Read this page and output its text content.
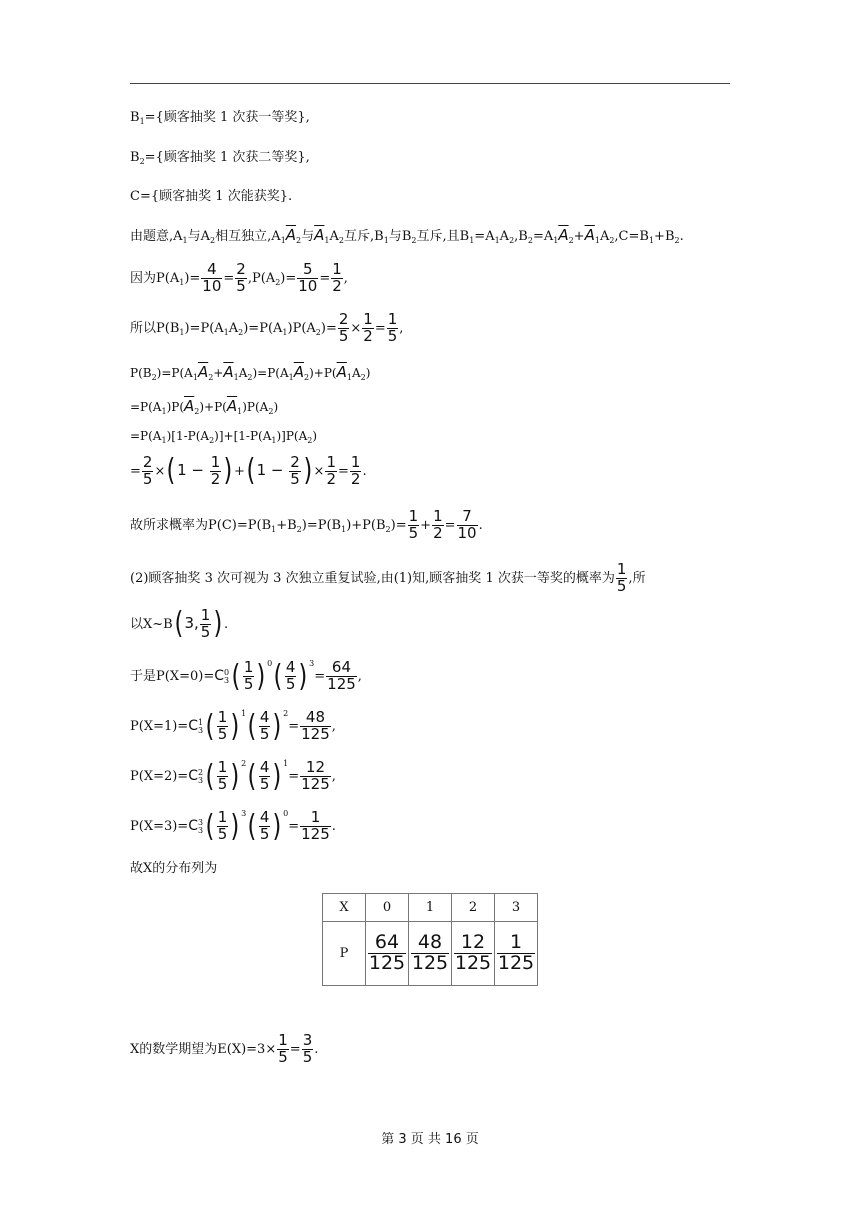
$B_1=${顾客抽奖 1 次获一等奖},
$B_2=${顾客抽奖 1 次获二等奖},
C={顾客抽奖 1 次能获奖}.
由题意$,A_1$与$A_2$相互独立$,A_1\overline{A}_2$与$\overline{A}_1A_2$互斥$,B_1$与$B_2$互斥,且$B_1=A_1A_2,B_2=A_1\overline{A}_2+\overline{A}_1A_2,C=B_1+B_2$.
因为$P(A_1)= \frac{4}{10} = \frac{2}{5} ,P(A_2)= \frac{5}{10} = \frac{1}{2}$ ,
所以$P(B_1)=P(A_1A_2)=P(A_1)P(A_2)= \frac{2}{5} \times \frac{1}{2} = \frac{1}{5}$ ,
$P(B_2)=P(A_1\overline{A}_2+\overline{A}_1A_2)=P(A_1\overline{A}_2)+P(\overline{A}_1A_2)$
$=P(A_1)P(\overline{A}_2)+P(\overline{A}_1)P(A_2)$
$=P(A_1)[1-P(A_2)]+[1-P(A_1)]P(A_2)$
= $\frac{2}{5} \times(1 - \frac{1}{2} )+(1 - \frac{2}{5}$ )× $\frac{1}{2} = \frac{1}{2}$ .
故所求概率为$P(C)=P(B_1+B_2)=P(B_1)+P(B_2)= \frac{1}{5} + \frac{1}{2} = \frac{7}{10}$ .
(2)顾客抽奖 3 次可视为 3 次独立重复试验,由(1)知,顾客抽奖 1 次获一等奖的概率为 $\frac{1}{5}$ ,所
以X~B(3, $\frac{1}{5}$ ).
于是P(X=0)=C 0
3 ( $\frac{1}{5} )^0( \frac{4}{5} )^3= \frac{64}{125}$ ,
P(X=1)=C 1
3 ( $\frac{1}{5} )^1( \frac{4}{5} )^2= \frac{48}{125}$ ,
P(X=2)=C 2
3 ( $\frac{1}{5} )^2( \frac{4}{5} )^1= \frac{12}{125}$ ,
P(X=3)=C 3
3 ( $\frac{1}{5} )^3( \frac{4}{5} )^0= \frac{1}{125}$ .
故X的分布列为
X	0	1	2	3
P	$\frac{64}{125}$	$\frac{48}{125}$	$\frac{12}{125}$	$\frac{1}{125}$
X的数学期望为$E(X)=3\times \frac{1}{5} = \frac{3}{5}$ .
第 3 页 共 16 页
